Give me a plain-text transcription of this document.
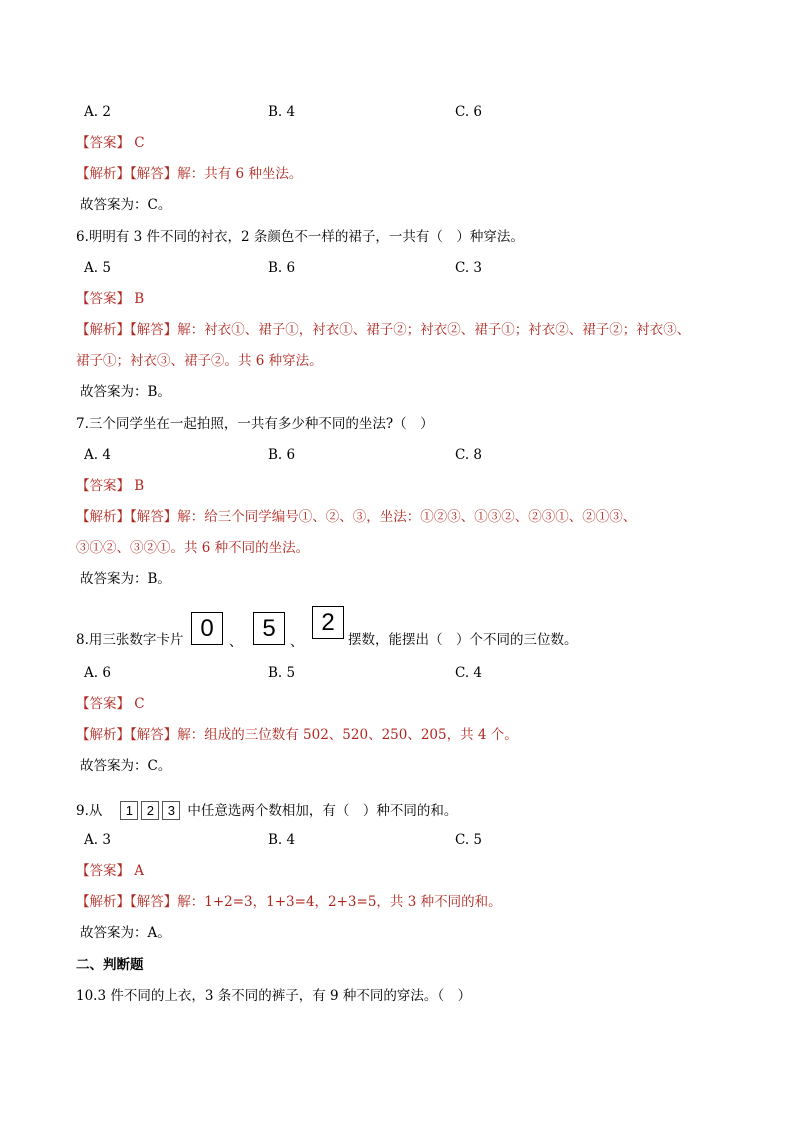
A. 2	B. 4	C. 6
【答案】 C
【解析】【解答】解：共有 6 种坐法。
故答案为：C。
6.明明有 3 件不同的衬衣，2 条颜色不一样的裙子，一共有（　）种穿法。
A. 5	B. 6	C. 3
【答案】 B
【解析】【解答】解：衬衣①、裙子①，衬衣①、裙子②；衬衣②、裙子①；衬衣②、裙子②；衬衣③、
裙子①；衬衣③、裙子②。共 6 种穿法。
故答案为：B。
7.三个同学坐在一起拍照，一共有多少种不同的坐法?（　）
A. 4	B. 6	C. 8
【答案】 B
【解析】【解答】解：给三个同学编号①、②、③，坐法：①②③、①③②、②③①、②①③、
③①②、③②①。共 6 种不同的坐法。
故答案为：B。
8.用三张数字卡片 0	、 5	、
2
摆数，能摆出（　）个不同的三位数。
A. 6	B. 5	C. 4
【答案】 C
【解析】【解答】解：组成的三位数有 502、520、250、205，共 4 个。
故答案为：C。
9.从 1 2 3 中任意选两个数相加，有（　）种不同的和。
A. 3	B. 4	C. 5
【答案】 A
【解析】【解答】解：1+2=3，1+3=4，2+3=5，共 3 种不同的和。
故答案为：A。
二、判断题
10.3 件不同的上衣，3 条不同的裤子，有 9 种不同的穿法。（　）
